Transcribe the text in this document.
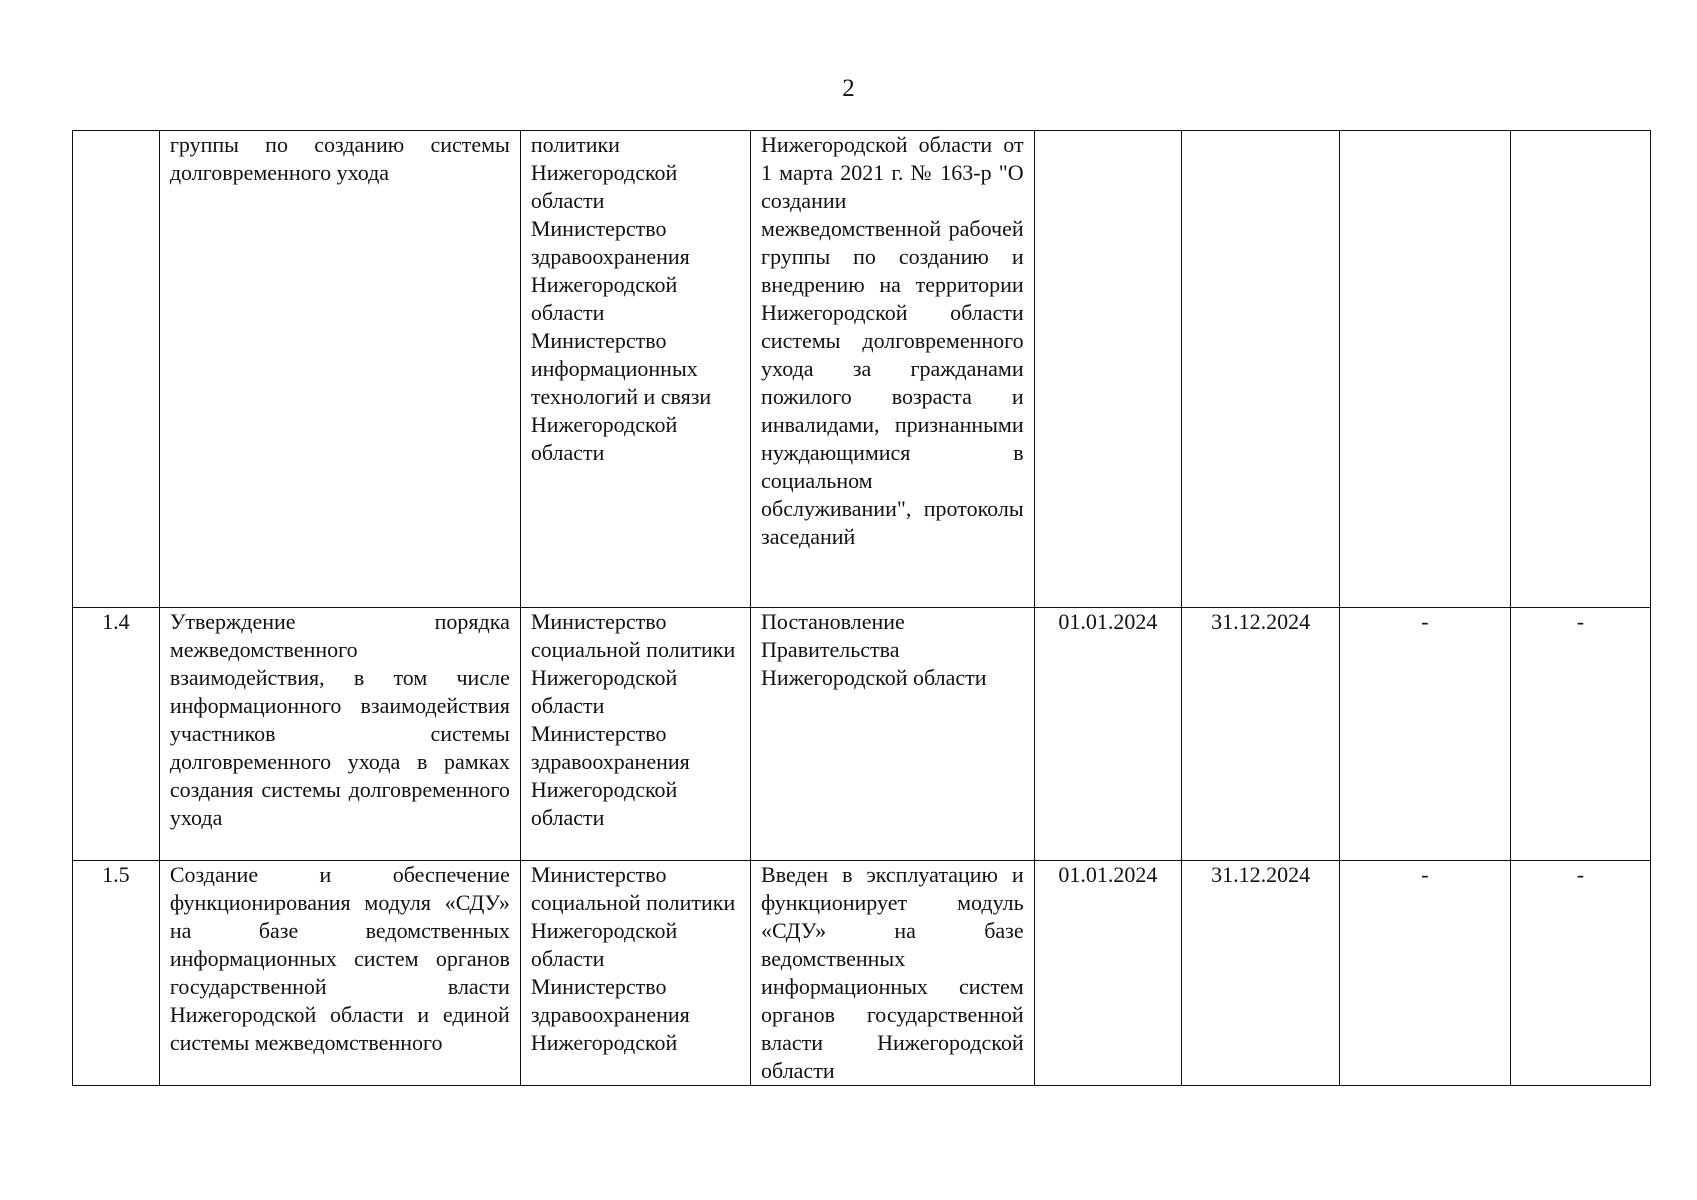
2
	группы по созданию системы долговременного ухода	политики Нижегородской области Министерство здравоохранения Нижегородской области Министерство информационных технологий и связи Нижегородской области	Нижегородской области от 1 марта 2021 г. № 163-р "О создании межведомственной рабочей группы по созданию и внедрению на территории Нижегородской области системы долговременного ухода за гражданами пожилого возраста и инвалидами, признанными нуждающимися в социальном обслуживании", протоколы заседаний				
1.4	Утверждение порядка межведомственного взаимодействия, в том числе информационного взаимодействия участников системы долговременного ухода в рамках создания системы долговременного ухода	Министерство социальной политики Нижегородской области Министерство здравоохранения Нижегородской области	Постановление Правительства Нижегородской области	01.01.2024	31.12.2024	-	-
1.5	Создание и обеспечение функционирования модуля «СДУ» на базе ведомственных информационных систем органов государственной власти Нижегородской области и единой системы межведомственного	Министерство социальной политики Нижегородской области Министерство здравоохранения Нижегородской	Введен в эксплуатацию и функционирует модуль «СДУ» на базе ведомственных информационных систем органов государственной власти Нижегородской области	01.01.2024	31.12.2024	-	-
